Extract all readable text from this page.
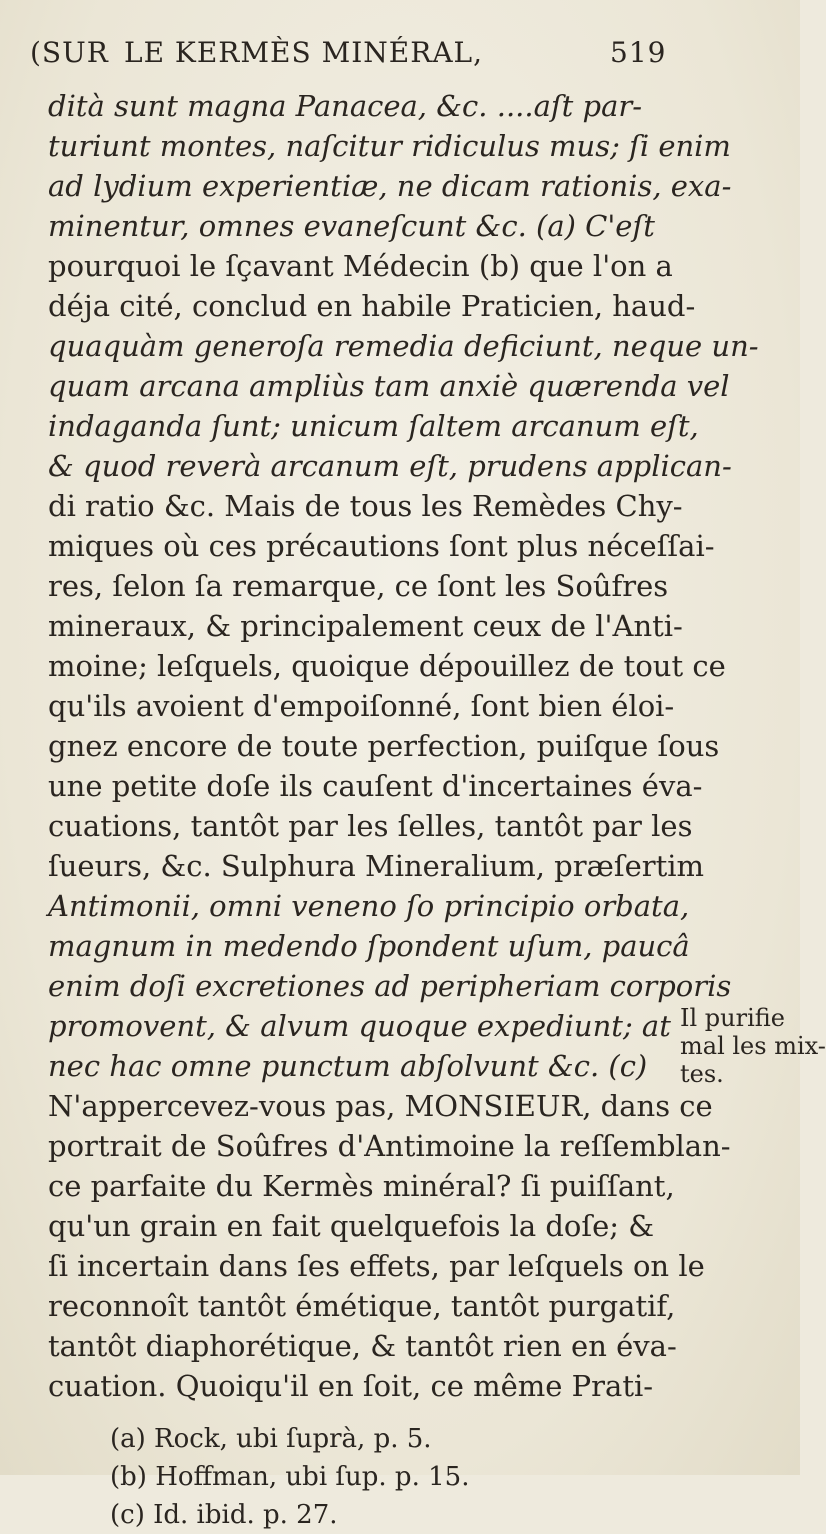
(SUR LE KERMÈS MINÉRAL,	519
dità sunt magna Panacea, &c. ....aſt par-
turiunt montes, naſcitur ridiculus mus; ſi enim
ad lydium experientiæ, ne dicam rationis, exa-
minentur, omnes evaneſcunt &c. (a) C'eſt
pourquoi le ſçavant Médecin (b) que l'on a
déja cité, conclud en habile Praticien, haud-
quaquàm generoſa remedia deficiunt, neque un-
quam arcana ampliùs tam anxiè quærenda vel
indaganda ſunt; unicum ſaltem arcanum eſt,
& quod reverà arcanum eſt, prudens applican-
di ratio &c. Mais de tous les Remèdes Chy-
miques où ces précautions ſont plus néceſſai-
res, ſelon ſa remarque, ce ſont les Soûfres
mineraux, & principalement ceux de l'Anti-
moine; leſquels, quoique dépouillez de tout ce
qu'ils avoient d'empoiſonné, ſont bien éloi-
gnez encore de toute perfection, puiſque ſous
une petite doſe ils cauſent d'incertaines éva-
cuations, tantôt par les ſelles, tantôt par les
ſueurs, &c. Sulphura Mineralium, præſertim
Antimonii, omni veneno ſo principio orbata,
magnum in medendo ſpondent uſum, paucâ
enim doſi excretiones ad peripheriam corporis
promovent, & alvum quoque expediunt; at
nec hac omne punctum abſolvunt &c. (c)
N'appercevez-vous pas, MONSIEUR, dans ce
portrait de Soûfres d'Antimoine la reſſemblan-
ce parfaite du Kermès minéral? ſi puiſſant,
qu'un grain en fait quelquefois la doſe; &
ſi incertain dans ſes effets, par leſquels on le
reconnoît tantôt émétique, tantôt purgatif,
tantôt diaphorétique, & tantôt rien en éva-
cuation. Quoiqu'il en ſoit, ce même Prati-
Il purifie
mal les mix-
tes.
(a) Rock, ubi ſuprà, p. 5.
(b) Hoffman, ubi ſup. p. 15.
(c) Id. ibid. p. 27.
